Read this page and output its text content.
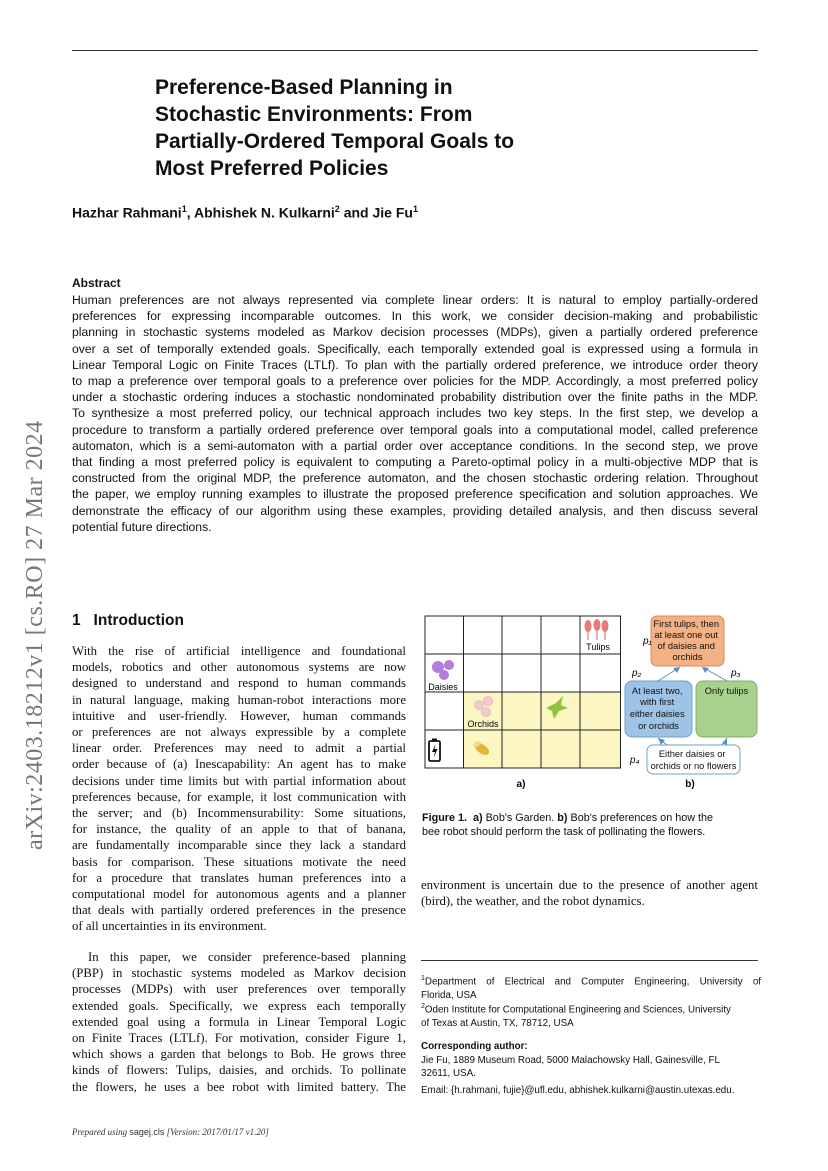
arXiv:2403.18212v1 [cs.RO] 27 Mar 2024
Preference-Based Planning in
Stochastic Environments: From
Partially-Ordered Temporal Goals to
Most Preferred Policies
Hazhar Rahmani$^1$, Abhishek N. Kulkarni$^2$ and Jie Fu$^1$
Abstract
Human preferences are not always represented via complete linear orders: It is natural to employ partially-ordered
preferences for expressing incomparable outcomes. In this work, we consider decision-making and probabilistic
planning in stochastic systems modeled as Markov decision processes (MDPs), given a partially ordered preference
over a set of temporally extended goals. Specifically, each temporally extended goal is expressed using a formula in
Linear Temporal Logic on Finite Traces (LTLf). To plan with the partially ordered preference, we introduce order theory
to map a preference over temporal goals to a preference over policies for the MDP. Accordingly, a most preferred policy
under a stochastic ordering induces a stochastic nondominated probability distribution over the finite paths in the MDP.
To synthesize a most preferred policy, our technical approach includes two key steps. In the first step, we develop a
procedure to transform a partially ordered preference over temporal goals into a computational model, called preference
automaton, which is a semi-automaton with a partial order over acceptance conditions. In the second step, we prove
that finding a most preferred policy is equivalent to computing a Pareto-optimal policy in a multi-objective MDP that is
constructed from the original MDP, the preference automaton, and the chosen stochastic ordering relation. Throughout
the paper, we employ running examples to illustrate the proposed preference specification and solution approaches. We
demonstrate the efficacy of our algorithm using these examples, providing detailed analysis, and then discuss several
potential future directions.
1 Introduction
With the rise of artificial intelligence and foundational
models, robotics and other autonomous systems are now
designed to understand and respond to human commands
in natural language, making human-robot interactions more
intuitive and user-friendly. However, human commands
or preferences are not always expressible by a complete
linear order. Preferences may need to admit a partial
order because of (a) Inescapability: An agent has to make
decisions under time limits but with partial information about
preferences because, for example, it lost communication with
the server; and (b) Incommensurability: Some situations,
for instance, the quality of an apple to that of banana,
are fundamentally incomparable since they lack a standard
basis for comparison. These situations motivate the need
for a procedure that translates human preferences into a
computational model for autonomous agents and a planner
that deals with partially ordered preferences in the presence
of all uncertainties in its environment.
In this paper, we consider preference-based planning
(PBP) in stochastic systems modeled as Markov decision
processes (MDPs) with user preferences over temporally
extended goals. Specifically, we express each temporally
extended goal using a formula in Linear Temporal Logic
on Finite Traces (LTLf). For motivation, consider Figure 1,
which shows a garden that belongs to Bob. He grows three
kinds of flowers: Tulips, daisies, and orchids. To pollinate
the flowers, he uses a bee robot with limited battery. The
Tulips
Daisies
Orchids
a)
First tulips, then at least one out of daisies and orchids
p₁
At least two, with first either daisies or orchids
p₂
Only tulips
p₃
Either daisies or orchids or no flowers
p₄
b)
Figure 1. a) Bob's Garden. b) Bob's preferences on how the
bee robot should perform the task of pollinating the flowers.
environment is uncertain due to the presence of another agent
(bird), the weather, and the robot dynamics.
$^1$Department of Electrical and Computer Engineering, University of
Florida, USA
$^2$Oden Institute for Computational Engineering and Sciences, University
of Texas at Austin, TX, 78712, USA
Corresponding author:
Jie Fu, 1889 Museum Road, 5000 Malachowsky Hall, Gainesville, FL
32611, USA.
Email: {h.rahmani, fujie}@ufl.edu, abhishek.kulkarni@austin.utexas.edu.
Prepared using sagej.cls [Version: 2017/01/17 v1.20]
